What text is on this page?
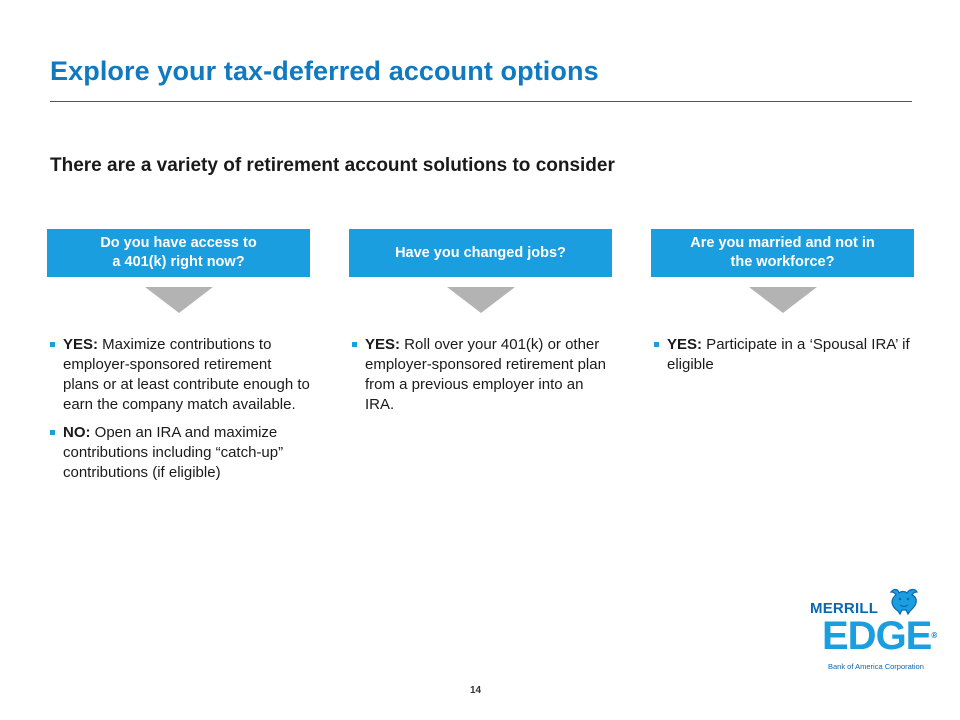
Explore your tax-deferred account options
There are a variety of retirement account solutions to consider
Do you have access to
a 401(k) right now?
YES: Maximize contributions to employer-sponsored retirement plans or at least contribute enough to earn the company match available.
NO: Open an IRA and maximize contributions including “catch-up” contributions (if eligible)
Have you changed jobs?
YES: Roll over your 401(k) or other employer-sponsored retirement plan from a previous employer into an IRA.
Are you married and not in
the workforce?
YES: Participate in a ‘Spousal IRA’ if eligible
14
MERRILL
EDGE®
Bank of America Corporation
